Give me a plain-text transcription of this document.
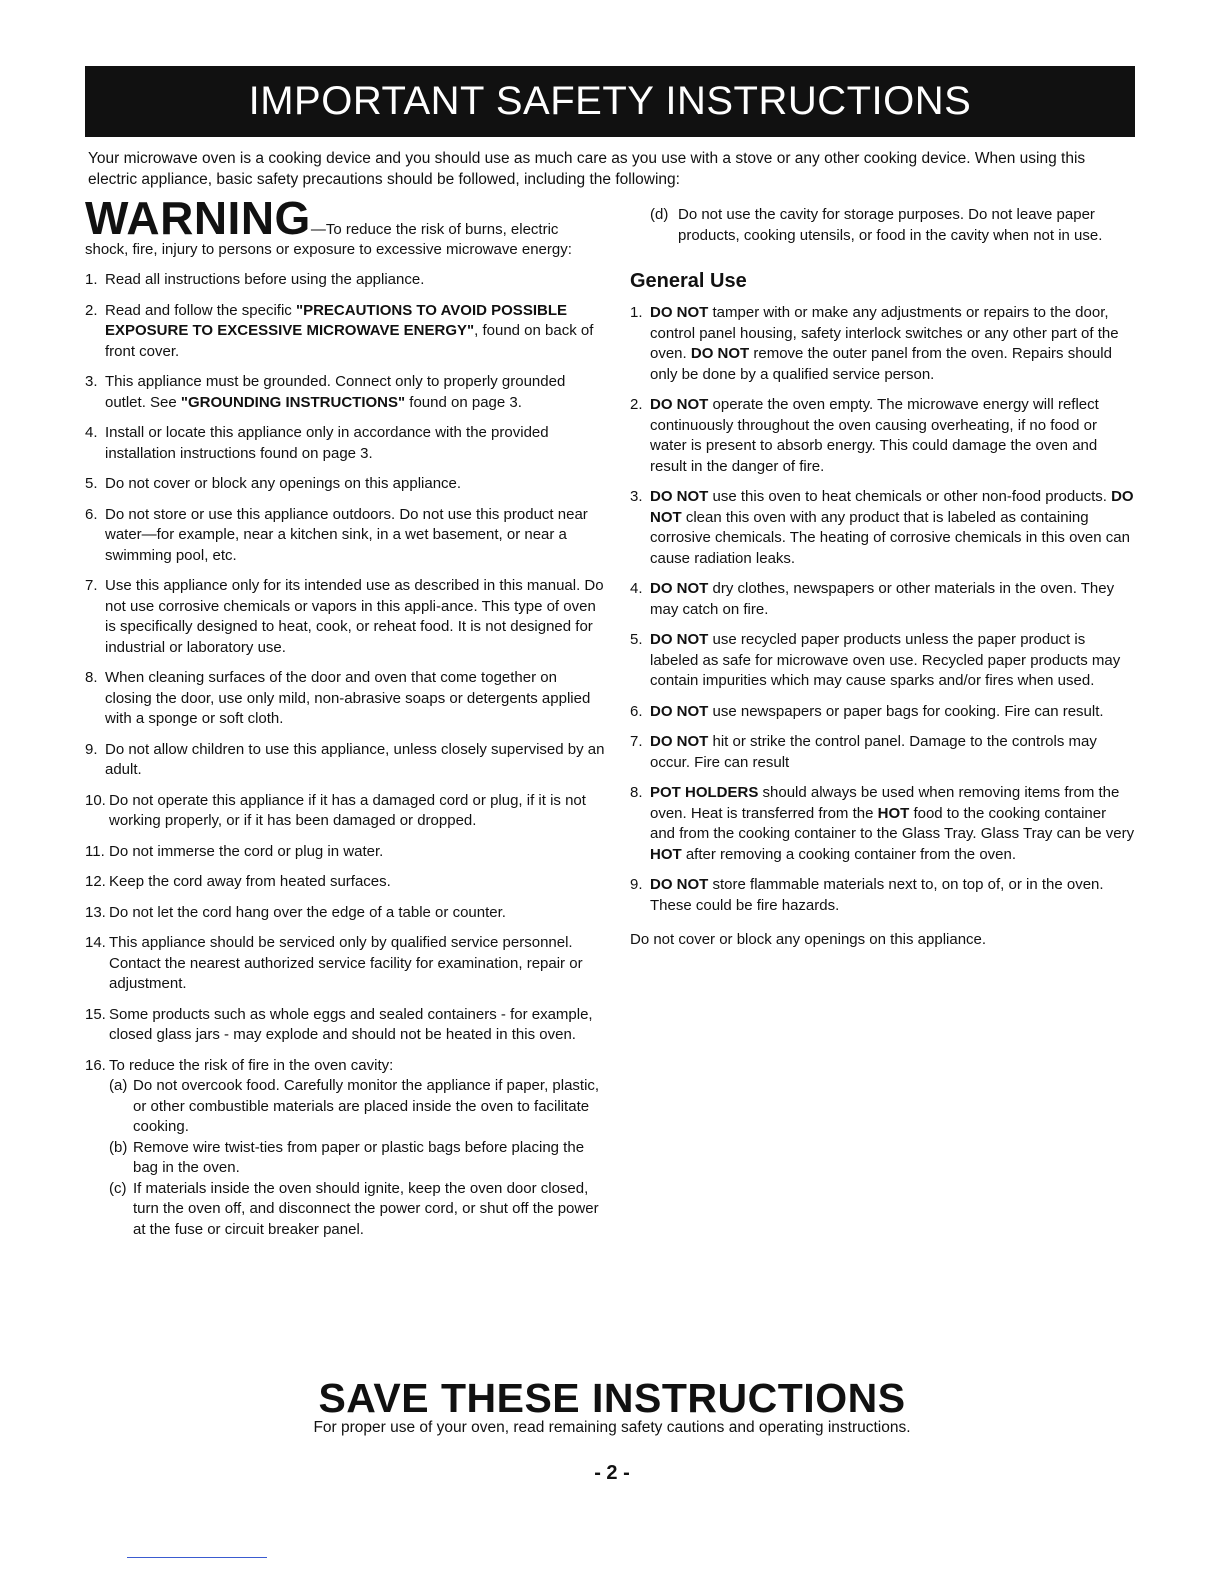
IMPORTANT SAFETY INSTRUCTIONS
Your microwave oven is a cooking device and you should use as much care as you use with a stove or any other cooking device. When using this electric appliance, basic safety precautions should be followed, including the following:
WARNING—To reduce the risk of burns, electric
shock, fire, injury to persons or exposure to excessive microwave energy:
1. Read all instructions before using the appliance.
2. Read and follow the specific "PRECAUTIONS TO AVOID POSSIBLE EXPOSURE TO EXCESSIVE MICROWAVE ENERGY", found on back of front cover.
3. This appliance must be grounded. Connect only to properly grounded outlet. See "GROUNDING INSTRUCTIONS" found on page 3.
4. Install or locate this appliance only in accordance with the provided installation instructions found on page 3.
5. Do not cover or block any openings on this appliance.
6. Do not store or use this appliance outdoors. Do not use this product near water—for example, near a kitchen sink, in a wet basement, or near a swimming pool, etc.
7. Use this appliance only for its intended use as described in this manual. Do not use corrosive chemicals or vapors in this appli-ance. This type of oven is specifically designed to heat, cook, or reheat food. It is not designed for industrial or laboratory use.
8. When cleaning surfaces of the door and oven that come together on closing the door, use only mild, non-abrasive soaps or detergents applied with a sponge or soft cloth.
9. Do not allow children to use this appliance, unless closely supervised by an adult.
10. Do not operate this appliance if it has a damaged cord or plug, if it is not working properly, or if it has been damaged or dropped.
11. Do not immerse the cord or plug in water.
12. Keep the cord away from heated surfaces.
13. Do not let the cord hang over the edge of a table or counter.
14. This appliance should be serviced only by qualified service personnel. Contact the nearest authorized service facility for examination, repair or adjustment.
15. Some products such as whole eggs and sealed containers - for example, closed glass jars - may explode and should not be heated in this oven.
16. To reduce the risk of fire in the oven cavity:
(a) Do not overcook food. Carefully monitor the appliance if paper, plastic, or other combustible materials are placed inside the oven to facilitate cooking.
(b) Remove wire twist-ties from paper or plastic bags before placing the bag in the oven.
(c) If materials inside the oven should ignite, keep the oven door closed, turn the oven off, and disconnect the power cord, or shut off the power at the fuse or circuit breaker panel.
(d) Do not use the cavity for storage purposes. Do not leave paper products, cooking utensils, or food in the cavity when not in use.
General Use
1. DO NOT tamper with or make any adjustments or repairs to the door, control panel housing, safety interlock switches or any other part of the oven. DO NOT remove the outer panel from the oven. Repairs should only be done by a qualified service person.
2. DO NOT operate the oven empty. The microwave energy will reflect continuously throughout the oven causing overheating, if no food or water is present to absorb energy. This could damage the oven and result in the danger of fire.
3. DO NOT use this oven to heat chemicals or other non-food products. DO NOT clean this oven with any product that is labeled as containing corrosive chemicals. The heating of corrosive chemicals in this oven can cause radiation leaks.
4. DO NOT dry clothes, newspapers or other materials in the oven. They may catch on fire.
5. DO NOT use recycled paper products unless the paper product is labeled as safe for microwave oven use. Recycled paper products may contain impurities which may cause sparks and/or fires when used.
6. DO NOT use newspapers or paper bags for cooking. Fire can result.
7. DO NOT hit or strike the control panel. Damage to the controls may occur. Fire can result
8. POT HOLDERS should always be used when removing items from the oven. Heat is transferred from the HOT food to the cooking container and from the cooking container to the Glass Tray. Glass Tray can be very HOT after removing a cooking container from the oven.
9. DO NOT store flammable materials next to, on top of, or in the oven. These could be fire hazards.
Do not cover or block any openings on this appliance.
SAVE THESE INSTRUCTIONS
For proper use of your oven, read remaining safety cautions and operating instructions.
- 2 -
